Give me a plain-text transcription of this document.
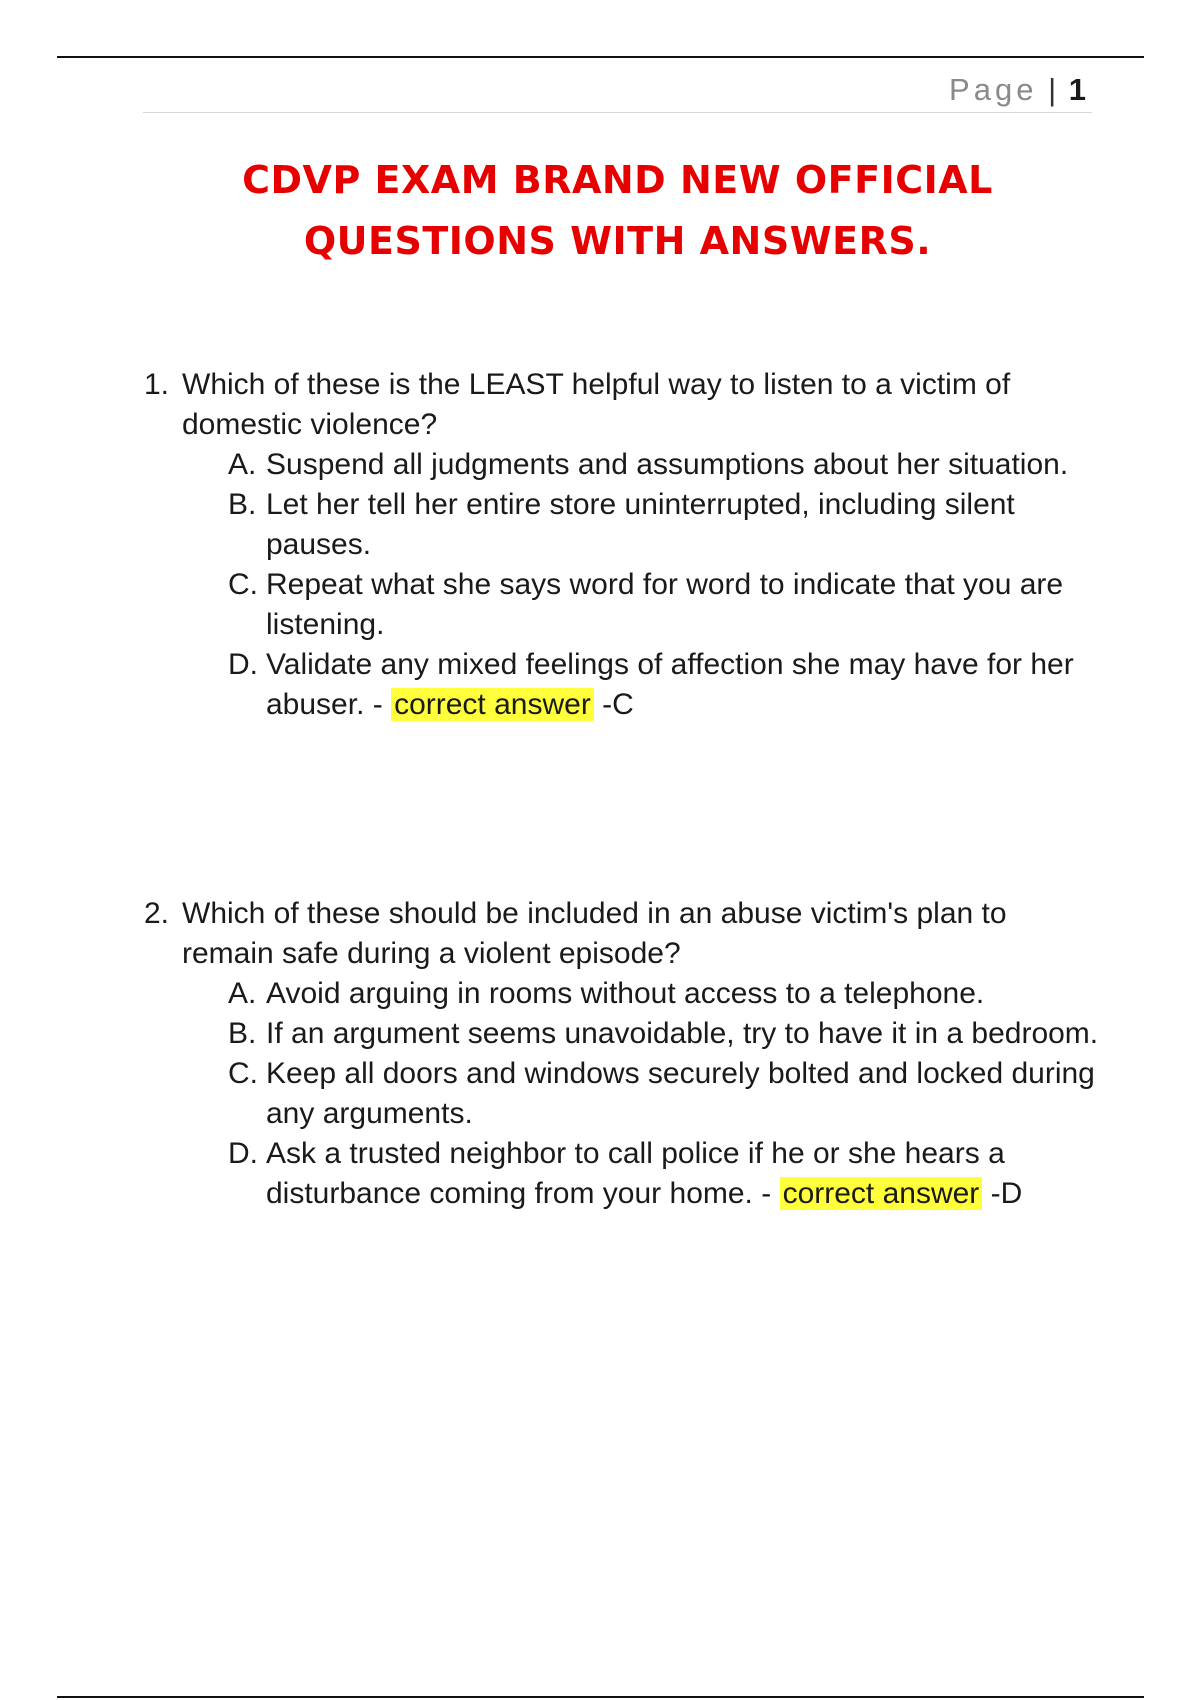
Page | 1
CDVP EXAM BRAND NEW OFFICIAL
QUESTIONS WITH ANSWERS.
1. Which of these is the LEAST helpful way to listen to a victim of domestic violence?
A. Suspend all judgments and assumptions about her situation.
B. Let her tell her entire store uninterrupted, including silent pauses.
C. Repeat what she says word for word to indicate that you are listening.
D. Validate any mixed feelings of affection she may have for her abuser. - correct answer -C
2. Which of these should be included in an abuse victim's plan to remain safe during a violent episode?
A. Avoid arguing in rooms without access to a telephone.
B. If an argument seems unavoidable, try to have it in a bedroom.
C. Keep all doors and windows securely bolted and locked during any arguments.
D. Ask a trusted neighbor to call police if he or she hears a disturbance coming from your home. - correct answer -D
